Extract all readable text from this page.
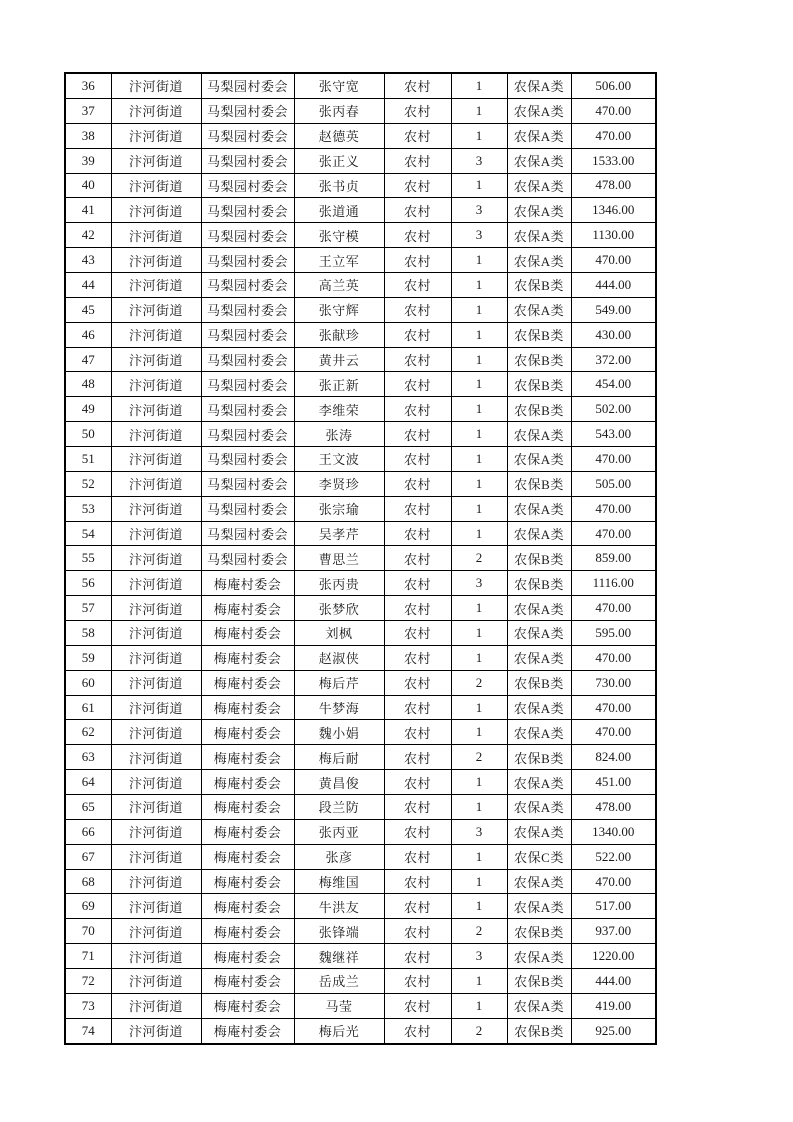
36	汴河街道	马梨园村委会	张守宽	农村	1	农保A类	506.00
37	汴河街道	马梨园村委会	张丙春	农村	1	农保A类	470.00
38	汴河街道	马梨园村委会	赵德英	农村	1	农保A类	470.00
39	汴河街道	马梨园村委会	张正义	农村	3	农保A类	1533.00
40	汴河街道	马梨园村委会	张书贞	农村	1	农保A类	478.00
41	汴河街道	马梨园村委会	张道通	农村	3	农保A类	1346.00
42	汴河街道	马梨园村委会	张守模	农村	3	农保A类	1130.00
43	汴河街道	马梨园村委会	王立军	农村	1	农保A类	470.00
44	汴河街道	马梨园村委会	高兰英	农村	1	农保B类	444.00
45	汴河街道	马梨园村委会	张守辉	农村	1	农保A类	549.00
46	汴河街道	马梨园村委会	张献珍	农村	1	农保B类	430.00
47	汴河街道	马梨园村委会	黄井云	农村	1	农保B类	372.00
48	汴河街道	马梨园村委会	张正新	农村	1	农保B类	454.00
49	汴河街道	马梨园村委会	李维荣	农村	1	农保B类	502.00
50	汴河街道	马梨园村委会	张涛	农村	1	农保A类	543.00
51	汴河街道	马梨园村委会	王文波	农村	1	农保A类	470.00
52	汴河街道	马梨园村委会	李贤珍	农村	1	农保B类	505.00
53	汴河街道	马梨园村委会	张宗瑜	农村	1	农保A类	470.00
54	汴河街道	马梨园村委会	吴孝芹	农村	1	农保A类	470.00
55	汴河街道	马梨园村委会	曹思兰	农村	2	农保B类	859.00
56	汴河街道	梅庵村委会	张丙贵	农村	3	农保B类	1116.00
57	汴河街道	梅庵村委会	张梦欣	农村	1	农保A类	470.00
58	汴河街道	梅庵村委会	刘枫	农村	1	农保A类	595.00
59	汴河街道	梅庵村委会	赵淑侠	农村	1	农保A类	470.00
60	汴河街道	梅庵村委会	梅后芹	农村	2	农保B类	730.00
61	汴河街道	梅庵村委会	牛梦海	农村	1	农保A类	470.00
62	汴河街道	梅庵村委会	魏小娟	农村	1	农保A类	470.00
63	汴河街道	梅庵村委会	梅后耐	农村	2	农保B类	824.00
64	汴河街道	梅庵村委会	黄昌俊	农村	1	农保A类	451.00
65	汴河街道	梅庵村委会	段兰防	农村	1	农保A类	478.00
66	汴河街道	梅庵村委会	张丙亚	农村	3	农保A类	1340.00
67	汴河街道	梅庵村委会	张彦	农村	1	农保C类	522.00
68	汴河街道	梅庵村委会	梅维国	农村	1	农保A类	470.00
69	汴河街道	梅庵村委会	牛洪友	农村	1	农保A类	517.00
70	汴河街道	梅庵村委会	张锋端	农村	2	农保B类	937.00
71	汴河街道	梅庵村委会	魏继祥	农村	3	农保A类	1220.00
72	汴河街道	梅庵村委会	岳成兰	农村	1	农保B类	444.00
73	汴河街道	梅庵村委会	马莹	农村	1	农保A类	419.00
74	汴河街道	梅庵村委会	梅后光	农村	2	农保B类	925.00
